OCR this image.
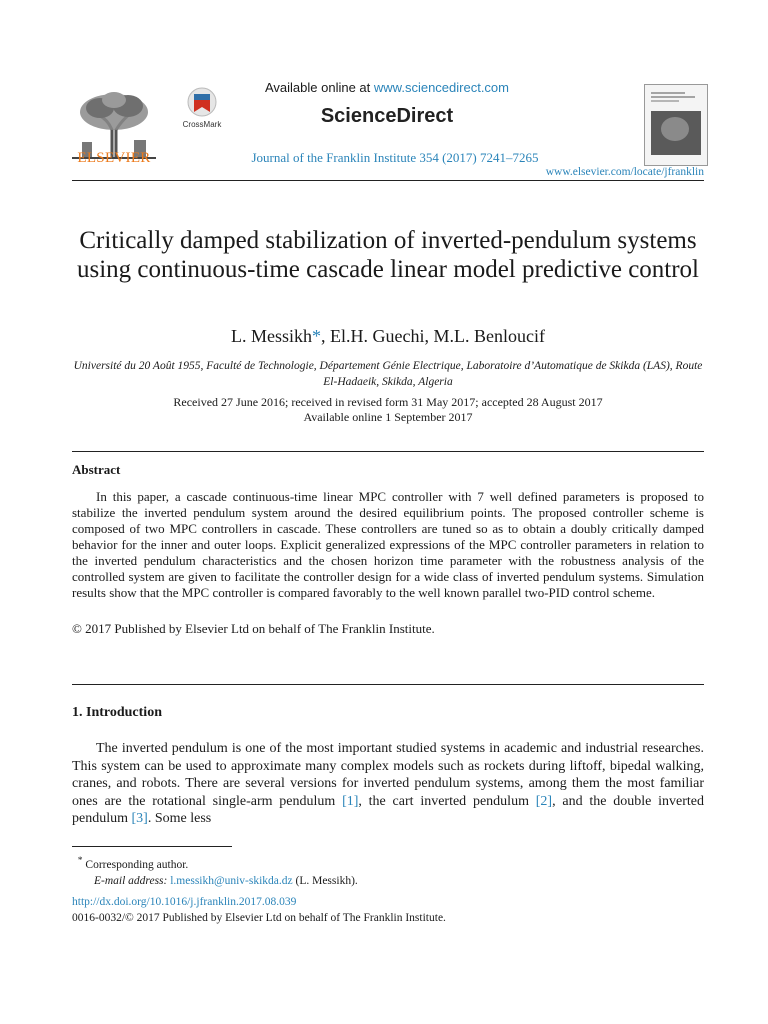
ELSEVIER
CrossMark
Available online at www.sciencedirect.com
ScienceDirect
Journal of the Franklin Institute 354 (2017) 7241–7265
www.elsevier.com/locate/jfranklin
Critically damped stabilization of inverted-pendulum systems using continuous-time cascade linear model predictive control
L. Messikh*, El.H. Guechi, M.L. Benloucif
Université du 20 Août 1955, Faculté de Technologie, Département Génie Electrique, Laboratoire d’Automatique de Skikda (LAS), Route El-Hadaeik, Skikda, Algeria
Received 27 June 2016; received in revised form 31 May 2017; accepted 28 August 2017
Available online 1 September 2017
Abstract

In this paper, a cascade continuous-time linear MPC controller with 7 well defined parameters is proposed to stabilize the inverted pendulum system around the desired equilibrium points. The proposed controller scheme is composed of two MPC controllers in cascade. These controllers are tuned so as to obtain a doubly critically damped behavior for the inner and outer loops. Explicit generalized expressions of the MPC controller parameters in relation to the inverted pendulum characteristics and the chosen horizon time parameter with the robustness analysis of the controlled system are given to facilitate the controller design for a wide class of inverted pendulum systems. Simulation results show that the MPC controller is compared favorably to the well known parallel two-PID control scheme.

© 2017 Published by Elsevier Ltd on behalf of The Franklin Institute.
1. Introduction

The inverted pendulum is one of the most important studied systems in academic and industrial researches. This system can be used to approximate many complex models such as rockets during liftoff, bipedal walking, cranes, and robots. There are several versions for inverted pendulum systems, among them the most familiar ones are the rotational single-arm pendulum [1], the cart inverted pendulum [2], and the double inverted pendulum [3]. Some less

* Corresponding author.
E-mail address: l.messikh@univ-skikda.dz (L. Messikh).
http://dx.doi.org/10.1016/j.jfranklin.2017.08.039
0016-0032/© 2017 Published by Elsevier Ltd on behalf of The Franklin Institute.
